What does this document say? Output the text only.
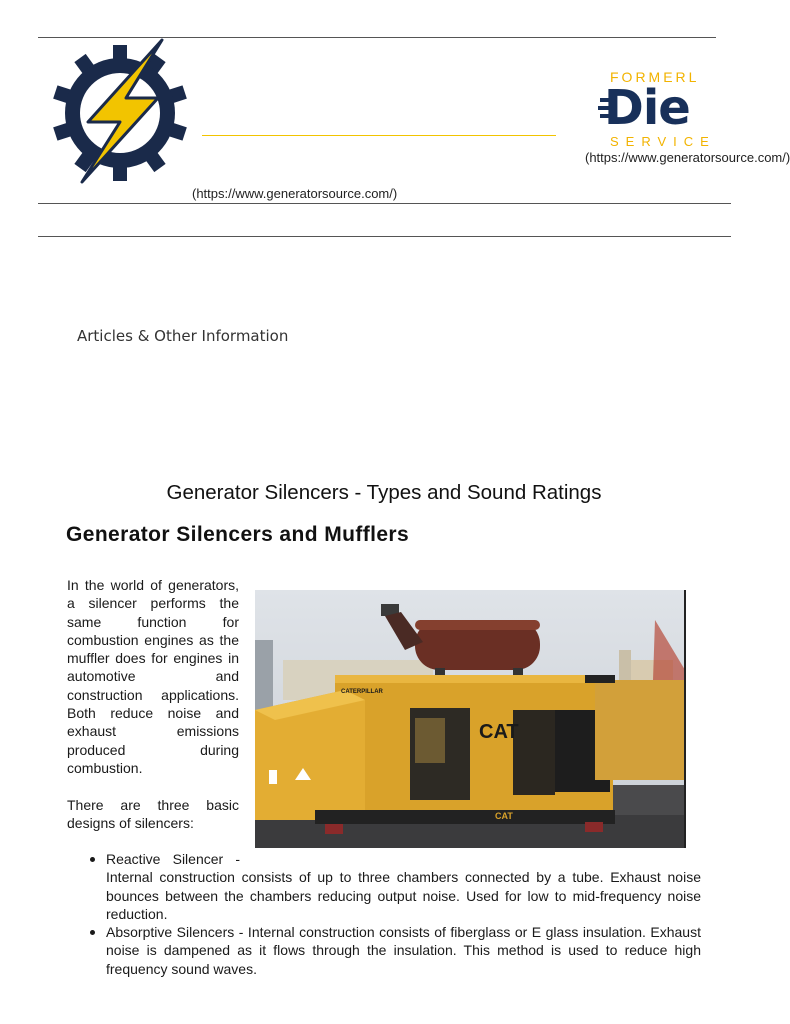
FORMERL
Die
SERVICE
(https://www.generatorsource.com/)
(https://www.generatorsource.com/)
Articles & Other Information
Generator Silencers - Types and Sound Ratings
Generator Silencers and Mufflers

In the world of generators, a silencer performs the same function for combustion engines as the muffler does for engines in automotive and construction applications. Both reduce noise and exhaust emissions produced during combustion.

There are three basic designs of silencers:

CAT
CATERPILLAR
CAT
Reactive Silencer -
Internal construction consists of up to three chambers connected by a tube. Exhaust noise bounces between the chambers reducing output noise. Used for low to mid-frequency noise reduction.
Absorptive Silencers - Internal construction consists of fiberglass or E glass insulation. Exhaust noise is dampened as it flows through the insulation. This method is used to reduce high frequency sound waves.
